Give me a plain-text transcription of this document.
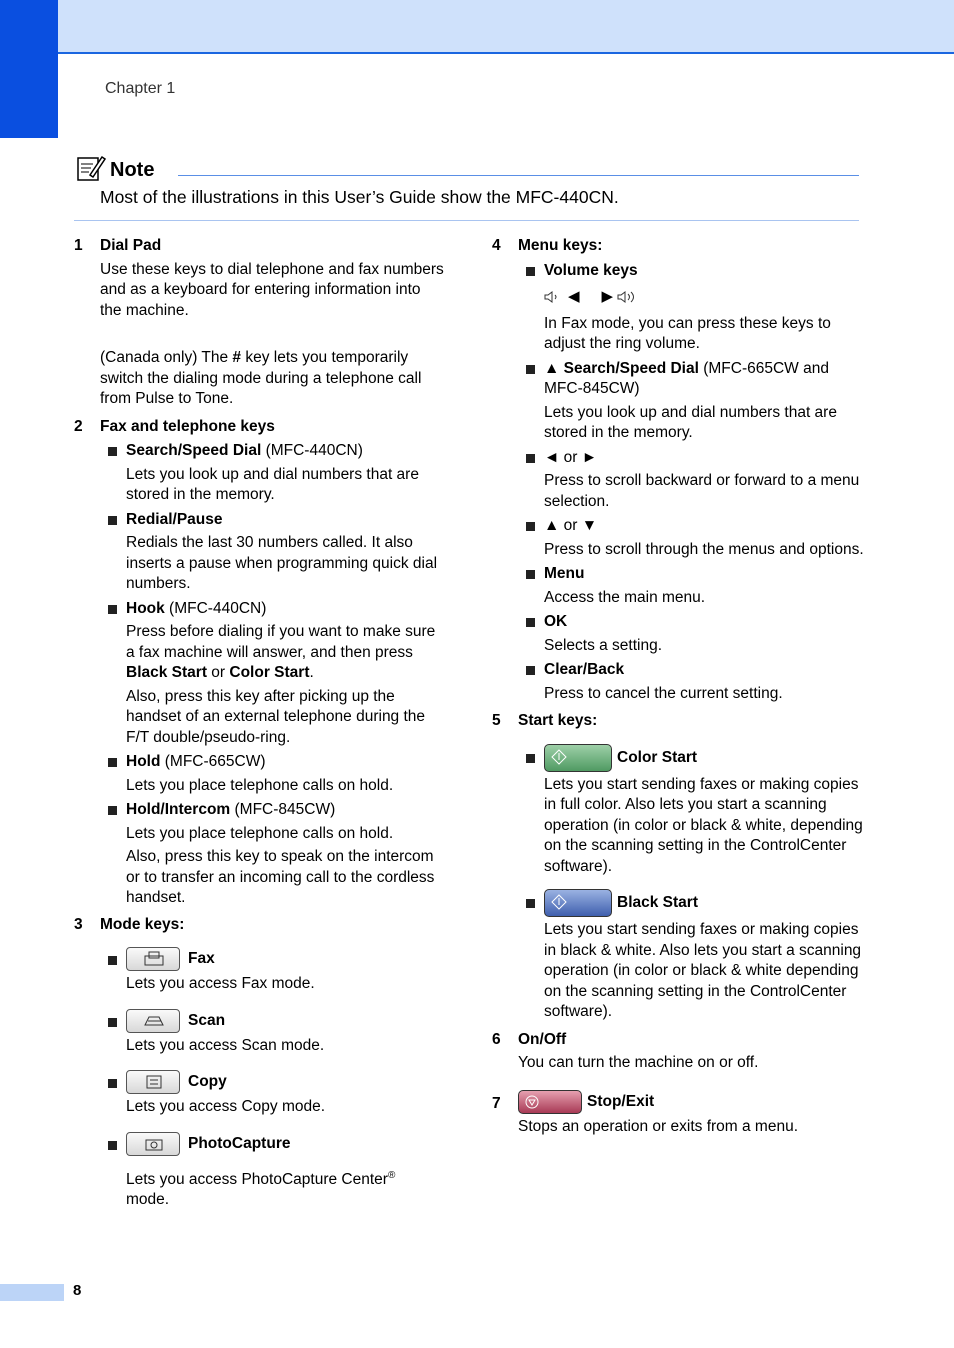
Chapter 1
Note
Most of the illustrations in this User’s Guide show the MFC-440CN.
1 Dial Pad
Use these keys to dial telephone and fax numbers and as a keyboard for entering information into the machine.
(Canada only) The # key lets you temporarily switch the dialing mode during a telephone call from Pulse to Tone.
2 Fax and telephone keys
Search/Speed Dial (MFC-440CN)
Lets you look up and dial numbers that are stored in the memory.
Redial/Pause
Redials the last 30 numbers called. It also inserts a pause when programming quick dial numbers.
Hook (MFC-440CN)
Press before dialing if you want to make sure a fax machine will answer, and then press Black Start or Color Start.
Also, press this key after picking up the handset of an external telephone during the F/T double/pseudo-ring.
Hold (MFC-665CW)
Lets you place telephone calls on hold.
Hold/Intercom (MFC-845CW)
Lets you place telephone calls on hold.
Also, press this key to speak on the intercom or to transfer an incoming call to the cordless handset.
3 Mode keys:
Fax
Lets you access Fax mode.
Scan
Lets you access Scan mode.
Copy
Lets you access Copy mode.
PhotoCapture
Lets you access PhotoCapture Center®
mode.
4 Menu keys:
Volume keys
◀ ▶
In Fax mode, you can press these keys to adjust the ring volume.
▲ Search/Speed Dial (MFC-665CW and MFC-845CW)
Lets you look up and dial numbers that are stored in the memory.
◄ or ►
Press to scroll backward or forward to a menu selection.
▲ or ▼
Press to scroll through the menus and options.
Menu
Access the main menu.
OK
Selects a setting.
Clear/Back
Press to cancel the current setting.
5 Start keys:
Color Start
Lets you start sending faxes or making copies in full color. Also lets you start a scanning operation (in color or black & white, depending on the scanning setting in the ControlCenter software).
Black Start
Lets you start sending faxes or making copies in black & white. Also lets you start a scanning operation (in color or black & white depending on the scanning setting in the ControlCenter software).
6 On/Off
You can turn the machine on or off.
7	Stop/Exit
Stops an operation or exits from a menu.
8
